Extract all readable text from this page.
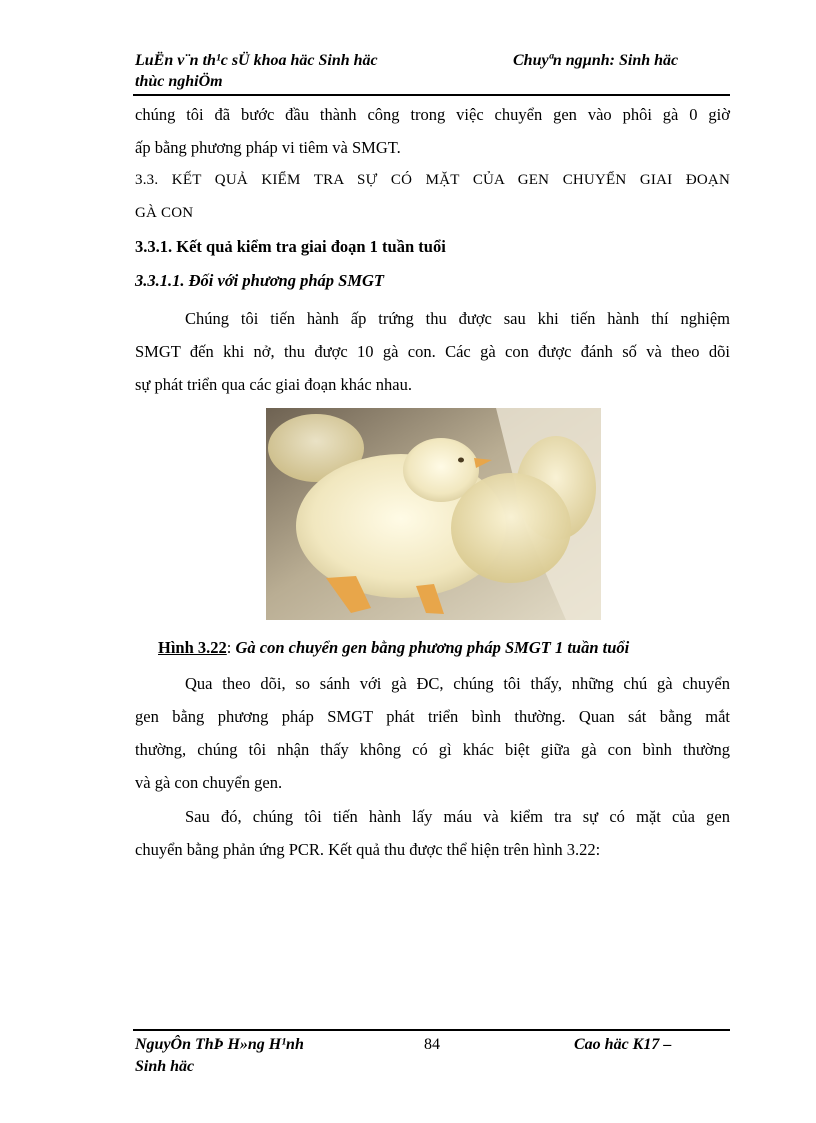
LuËn v¨n th¹c sÜ khoa häc Sinh häc
thùc nghiÖm
Chuyªn ngµnh: Sinh häc
chúng tôi đã bước đầu thành công trong việc chuyển gen vào phôi gà 0 giờ
ấp bằng phương pháp vi tiêm và SMGT.
3.3. KẾT QUẢ KIỂM TRA SỰ CÓ MẶT CỦA GEN CHUYỂN GIAI ĐOẠN
GÀ CON
3.3.1. Kết quả kiểm tra giai đoạn 1 tuần tuổi
3.3.1.1. Đối với phương pháp SMGT
Chúng tôi tiến hành ấp trứng thu được sau khi tiến hành thí nghiệm
SMGT đến khi nở, thu được 10 gà con. Các gà con được đánh số và theo dõi
sự phát triển qua các giai đoạn khác nhau.
Hình 3.22: Gà con chuyển gen bằng phương pháp SMGT 1 tuần tuổi
Qua theo dõi, so sánh với gà ĐC, chúng tôi thấy, những chú gà chuyển
gen bằng phương pháp SMGT phát triển bình thường. Quan sát bằng mắt
thường, chúng tôi nhận thấy không có gì khác biệt giữa gà con bình thường
và gà con chuyển gen.
Sau đó, chúng tôi tiến hành lấy máu và kiểm tra sự có mặt của gen
chuyển bằng phản ứng PCR. Kết quả thu được thể hiện trên hình 3.22:
NguyÔn ThÞ H»ng H¹nh
Sinh häc
84	Cao häc K17 –
